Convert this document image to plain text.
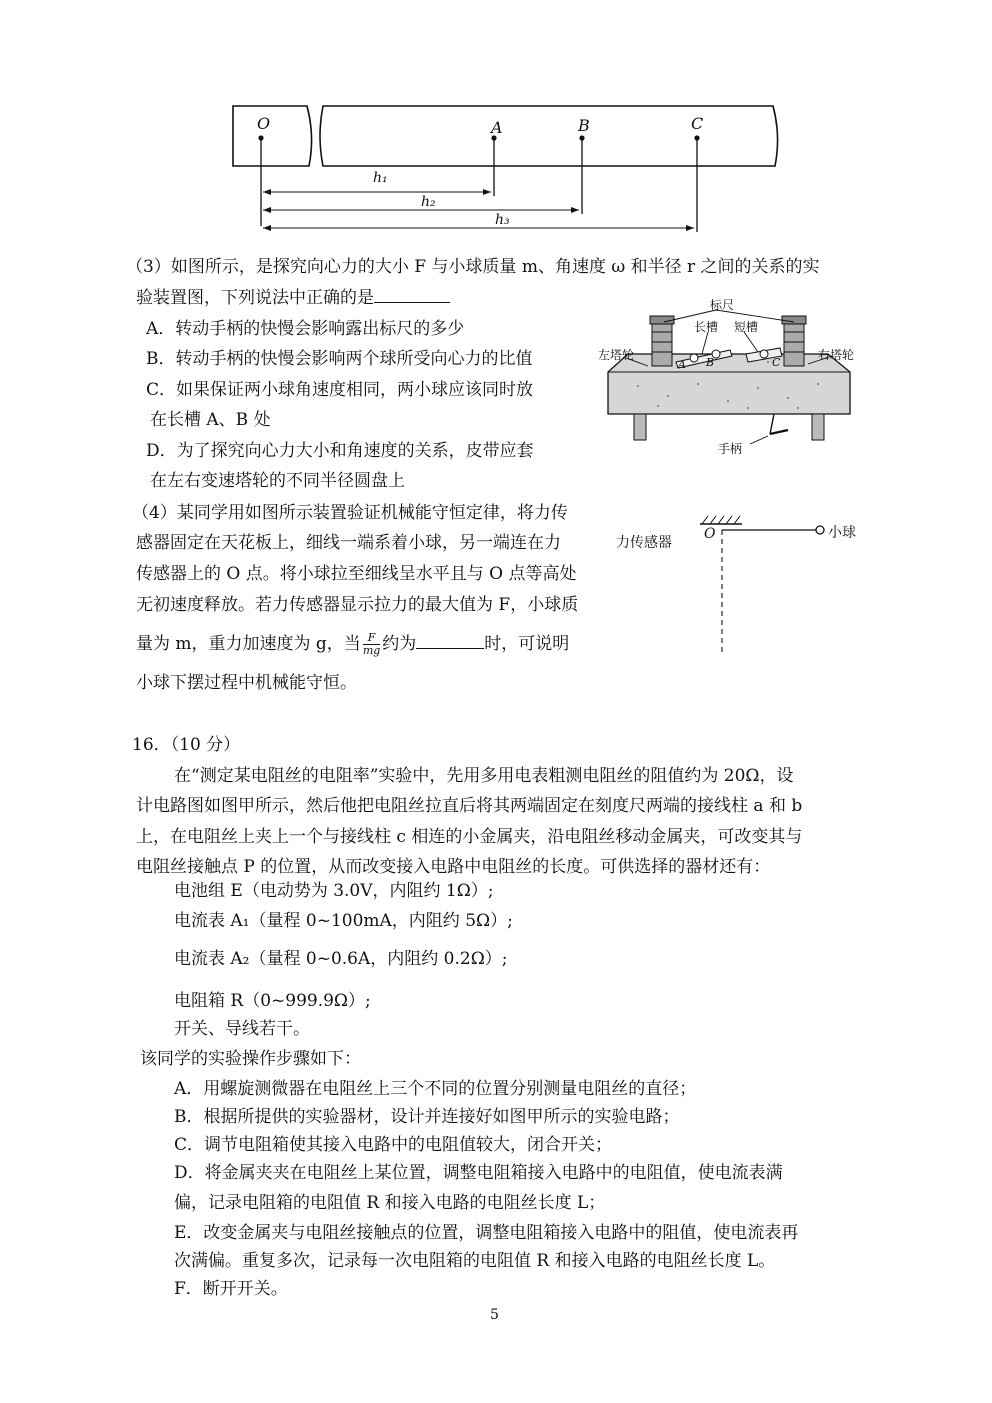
O	A	B	C
h₁
h₂
h₃
（3）如图所示，是探究向心力的大小 F 与小球质量 m、角速度 ω 和半径 r 之间的关系的实
验装置图，下列说法中正确的是
A．转动手柄的快慢会影响露出标尺的多少
B．转动手柄的快慢会影响两个球所受向心力的比值
C．如果保证两小球角速度相同，两小球应该同时放
在长槽 A、B 处
D．为了探究向心力大小和角速度的关系，皮带应套
在左右变速塔轮的不同半径圆盘上
标尺
长槽 短槽
左塔轮	右塔轮
手柄
A B	C
（4）某同学用如图所示装置验证机械能守恒定律，将力传
感器固定在天花板上，细线一端系着小球，另一端连在力
传感器上的 O 点。将小球拉至细线呈水平且与 O 点等高处
无初速度释放。若力传感器显示拉力的最大值为 F，小球质
量为 m，重力加速度为 g，当 $\frac{F}{mg}$ 约为	时，可说明
小球下摆过程中机械能守恒。
力传感器
O	小球
16．（10 分）
在“测定某电阻丝的电阻率”实验中，先用多用电表粗测电阻丝的阻值约为 20Ω，设
计电路图如图甲所示，然后他把电阻丝拉直后将其两端固定在刻度尺两端的接线柱 a 和 b
上，在电阻丝上夹上一个与接线柱 c 相连的小金属夹，沿电阻丝移动金属夹，可改变其与
电阻丝接触点 P 的位置，从而改变接入电路中电阻丝的长度。可供选择的器材还有：
电池组 E（电动势为 3.0V，内阻约 1Ω）;
电流表 A₁（量程 0~100mA，内阻约 5Ω）;
电流表 A₂（量程 0~0.6A，内阻约 0.2Ω）;
电阻箱 R（0~999.9Ω）;
开关、导线若干。
该同学的实验操作步骤如下：
A．用螺旋测微器在电阻丝上三个不同的位置分别测量电阻丝的直径；
B．根据所提供的实验器材，设计并连接好如图甲所示的实验电路；
C．调节电阻箱使其接入电路中的电阻值较大，闭合开关；
D．将金属夹夹在电阻丝上某位置，调整电阻箱接入电路中的电阻值，使电流表满
偏，记录电阻箱的电阻值 R 和接入电路的电阻丝长度 L；
E．改变金属夹与电阻丝接触点的位置，调整电阻箱接入电路中的阻值，使电流表再
次满偏。重复多次，记录每一次电阻箱的电阻值 R 和接入电路的电阻丝长度 L。
F．断开开关。
5
